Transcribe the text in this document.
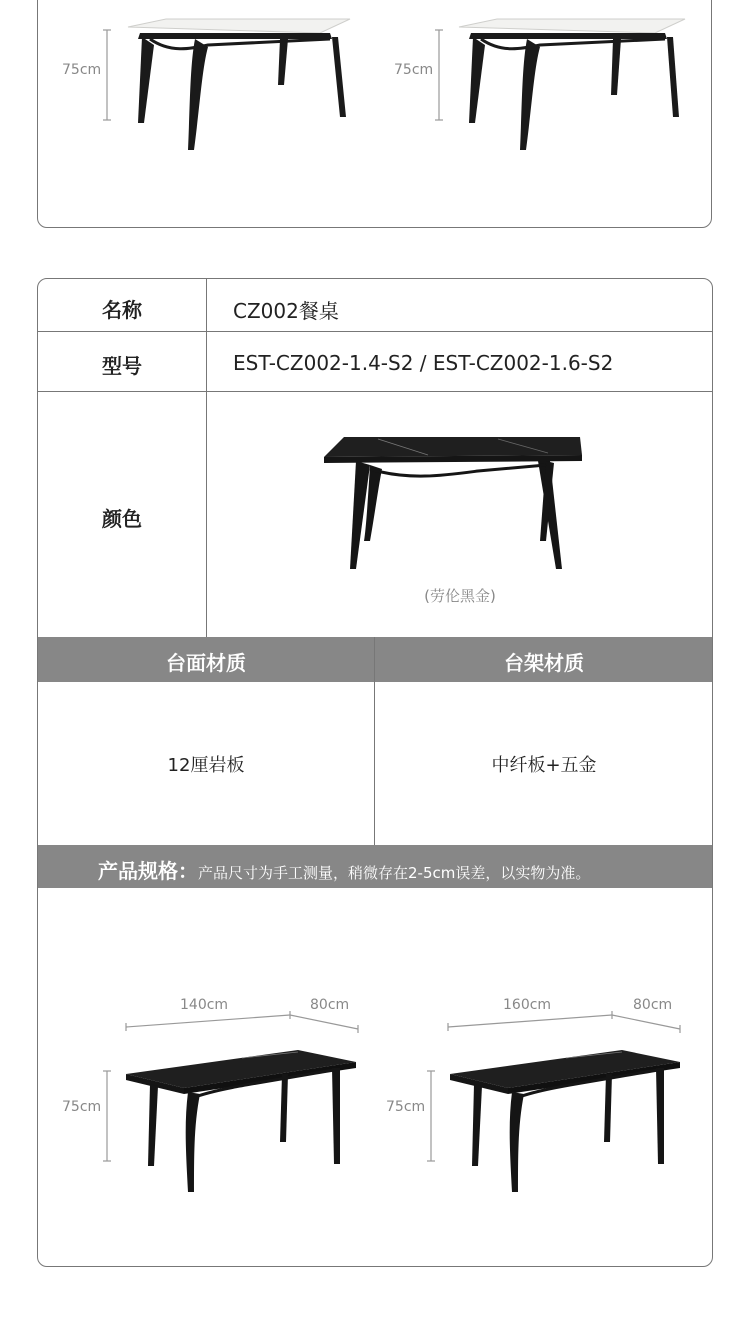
75cm	75cm
名称	CZ002餐桌
型号	EST-CZ002-1.4-S2 / EST-CZ002-1.6-S2
颜色
(劳伦黑金)
台面材质	台架材质
12厘岩板	中纤板+五金
产品规格：产品尺寸为手工测量，稍微存在2-5cm误差，以实物为准。
140cm	80cm
75cm
160cm	80cm
75cm
